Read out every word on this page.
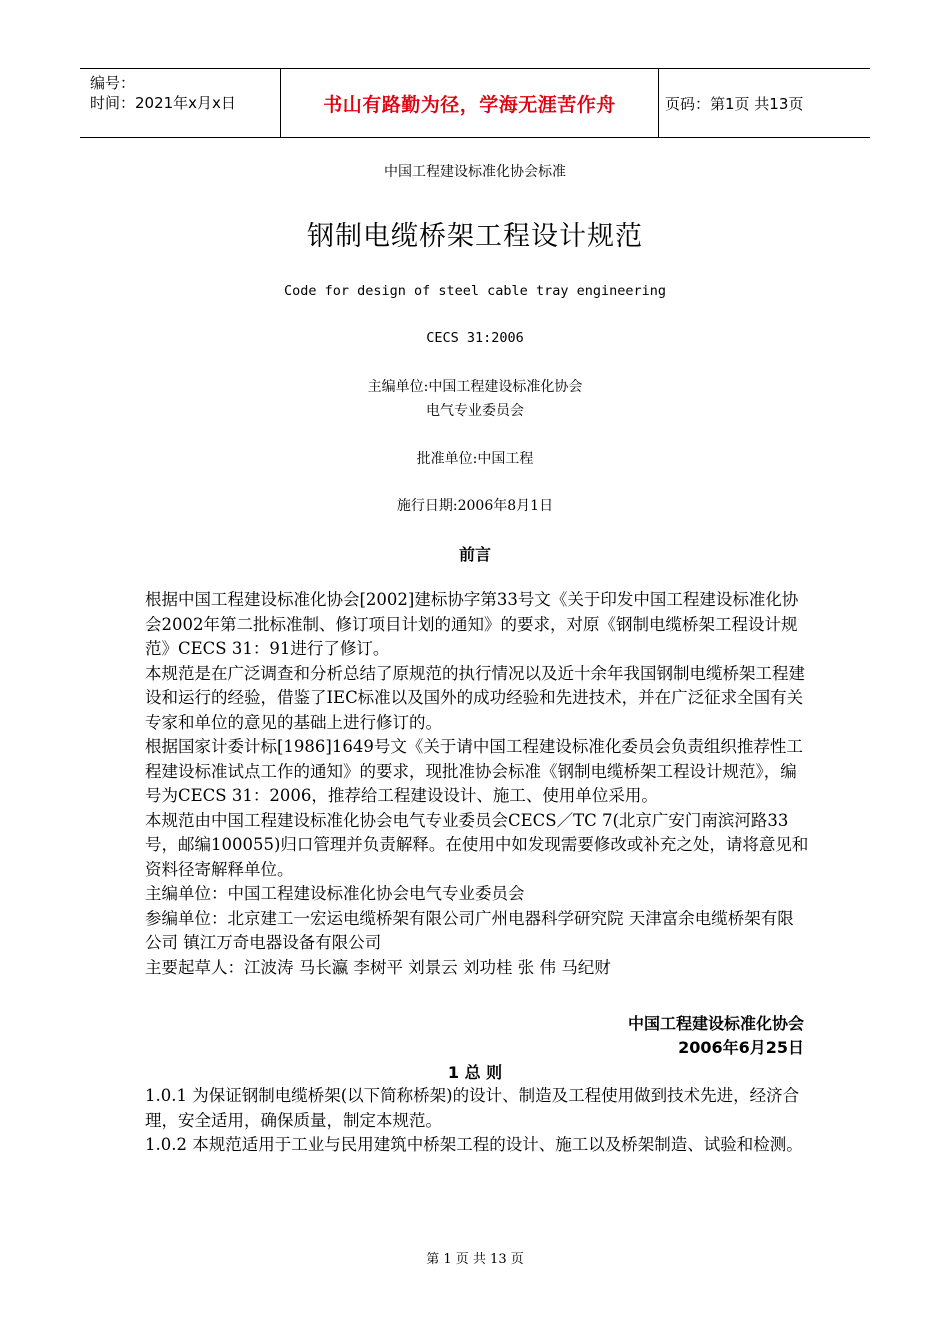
编号：
时间：2021年x月x日	书山有路勤为径，学海无涯苦作舟	页码：第1页 共13页
中国工程建设标准化协会标准
钢制电缆桥架工程设计规范
Code for design of steel cable tray engineering
CECS 31:2006
主编单位:中国工程建设标准化协会
电气专业委员会
批准单位:中国工程
施行日期:2006年8月1日
前言

根据中国工程建设标准化协会[2002]建标协字第33号文《关于印发中国工程建设标准化协会2002年第二批标准制、修订项目计划的通知》的要求，对原《钢制电缆桥架工程设计规范》CECS 31：91进行了修订。

本规范是在广泛调查和分析总结了原规范的执行情况以及近十余年我国钢制电缆桥架工程建设和运行的经验，借鉴了IEC标准以及国外的成功经验和先进技术，并在广泛征求全国有关专家和单位的意见的基础上进行修订的。

根据国家计委计标[1986]1649号文《关于请中国工程建设标准化委员会负责组织推荐性工程建设标准试点工作的通知》的要求，现批准协会标准《钢制电缆桥架工程设计规范》，编号为CECS 31：2006，推荐给工程建设设计、施工、使用单位采用。

本规范由中国工程建设标准化协会电气专业委员会CECS／TC 7(北京广安门南滨河路33号，邮编100055)归口管理并负责解释。在使用中如发现需要修改或补充之处，请将意见和资料径寄解释单位。

主编单位：中国工程建设标准化协会电气专业委员会

参编单位：北京建工一宏运电缆桥架有限公司广州电器科学研究院 天津富余电缆桥架有限公司 镇江万奇电器设备有限公司

主要起草人：江波涛 马长瀛 李树平 刘景云 刘功桂 张 伟 马纪财

中国工程建设标准化协会
2006年6月25日
1 总 则

1.0.1 为保证钢制电缆桥架(以下简称桥架)的设计、制造及工程使用做到技术先进，经济合理，安全适用，确保质量，制定本规范。

1.0.2 本规范适用于工业与民用建筑中桥架工程的设计、施工以及桥架制造、试验和检测。

第 1 页 共 13 页
